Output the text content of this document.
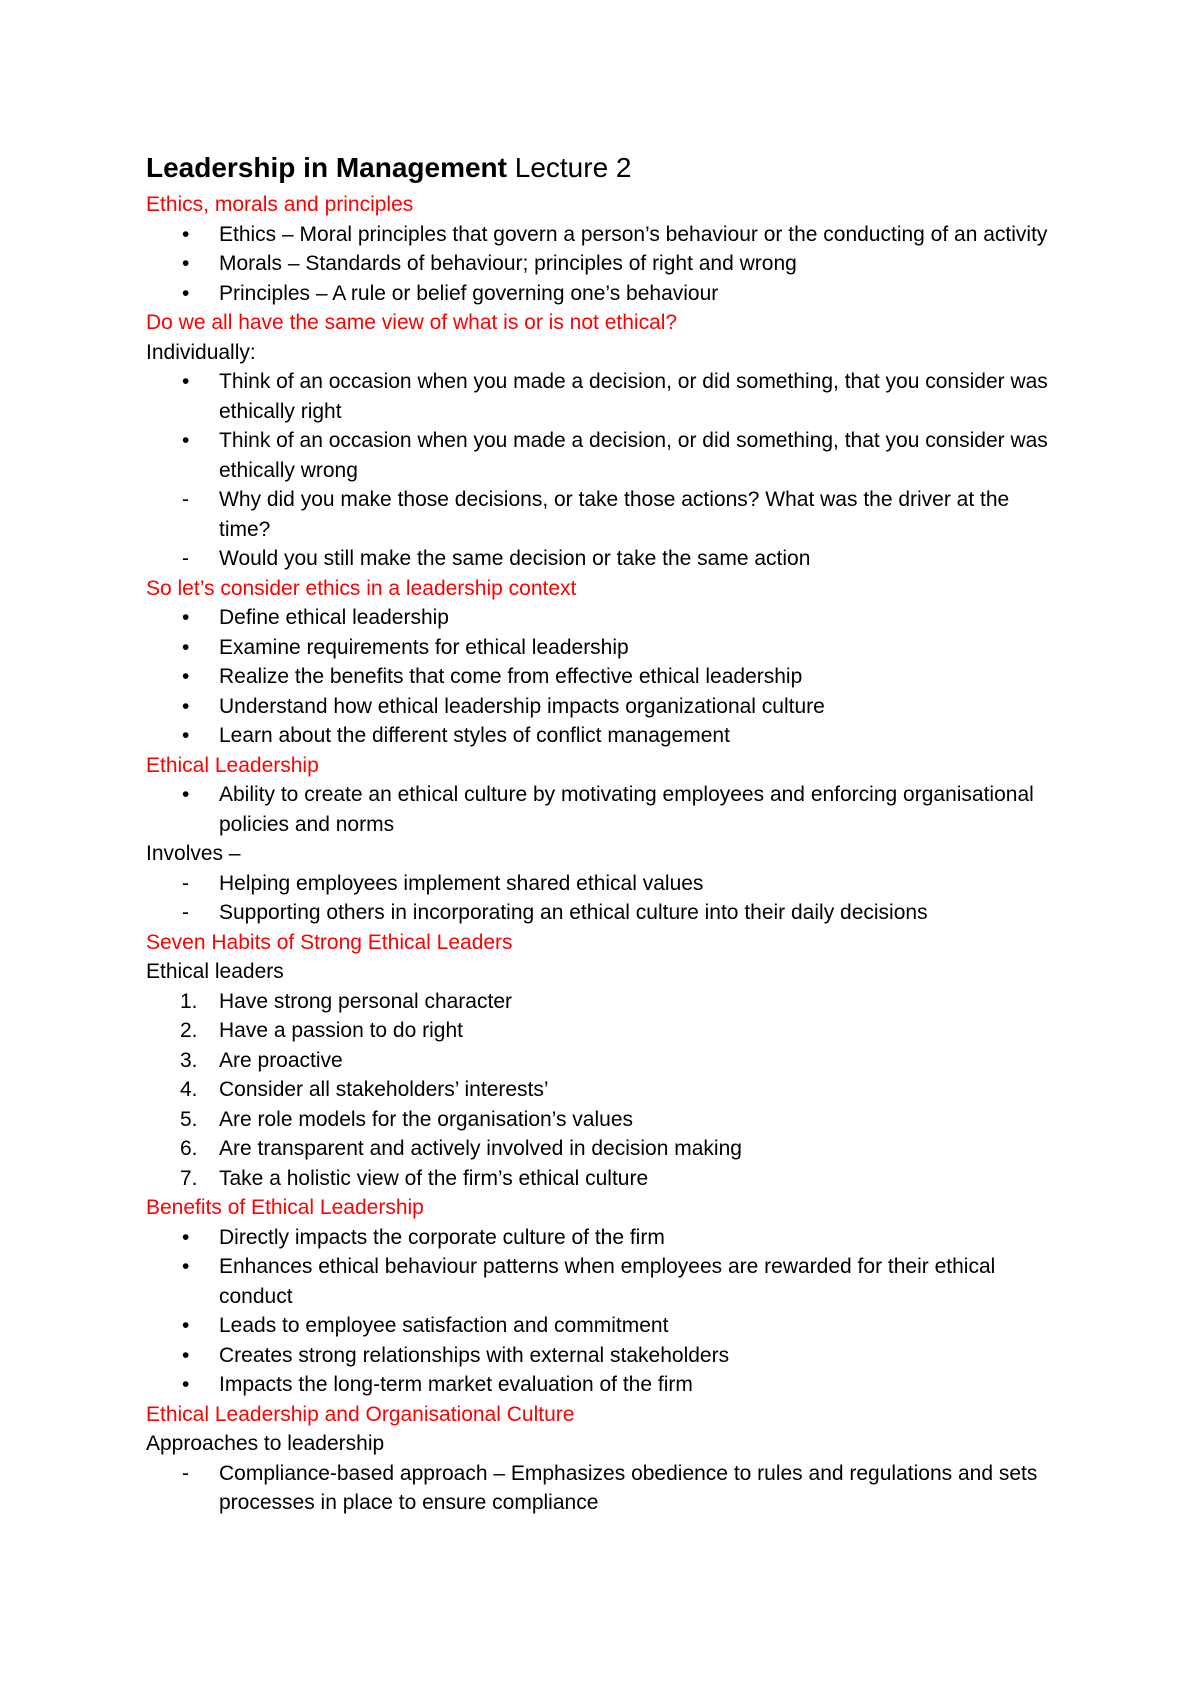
Leadership in Management Lecture 2

Ethics, morals and principles

•	Ethics – Moral principles that govern a person’s behaviour or the conducting of an activity
•	Morals – Standards of behaviour; principles of right and wrong
•	Principles – A rule or belief governing one’s behaviour

Do we all have the same view of what is or is not ethical?

Individually:

•	Think of an occasion when you made a decision, or did something, that you consider was ethically right
•	Think of an occasion when you made a decision, or did something, that you consider was ethically wrong
-	Why did you make those decisions, or take those actions? What was the driver at the time?
-	Would you still make the same decision or take the same action

So let’s consider ethics in a leadership context

•	Define ethical leadership
•	Examine requirements for ethical leadership
•	Realize the benefits that come from effective ethical leadership
•	Understand how ethical leadership impacts organizational culture
•	Learn about the different styles of conflict management

Ethical Leadership

•	Ability to create an ethical culture by motivating employees and enforcing organisational policies and norms

Involves –

-	Helping employees implement shared ethical values
-	Supporting others in incorporating an ethical culture into their daily decisions

Seven Habits of Strong Ethical Leaders

Ethical leaders

1.	Have strong personal character
2.	Have a passion to do right
3.	Are proactive
4.	Consider all stakeholders’ interests’
5.	Are role models for the organisation’s values
6.	Are transparent and actively involved in decision making
7.	Take a holistic view of the firm’s ethical culture

Benefits of Ethical Leadership

•	Directly impacts the corporate culture of the firm
•	Enhances ethical behaviour patterns when employees are rewarded for their ethical conduct
•	Leads to employee satisfaction and commitment
•	Creates strong relationships with external stakeholders
•	Impacts the long-term market evaluation of the firm

Ethical Leadership and Organisational Culture

Approaches to leadership

-	Compliance-based approach – Emphasizes obedience to rules and regulations and sets processes in place to ensure compliance
